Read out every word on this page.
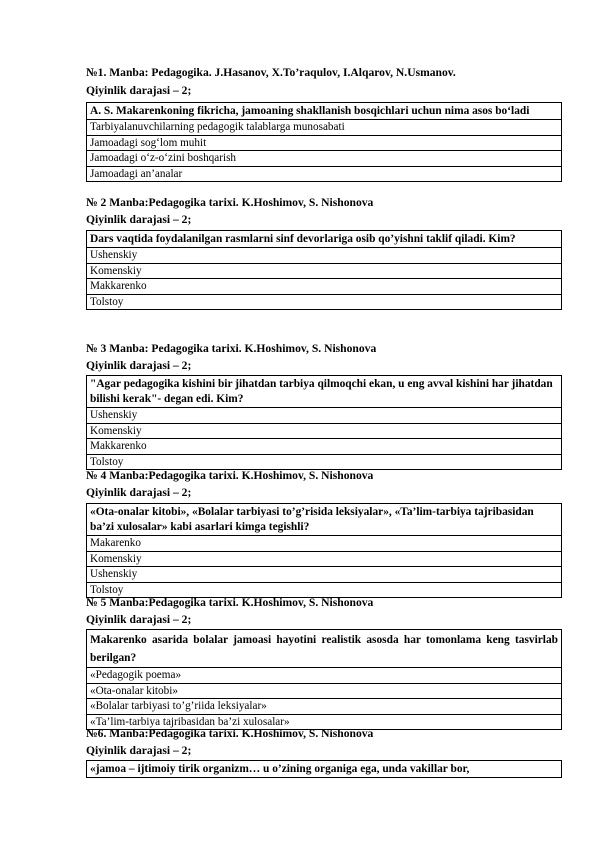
№1. Manba: Pedagogika. J.Hasanov, X.To’raqulov, I.Alqarov, N.Usmanov.
Qiyinlik darajasi – 2;
A. S. Makarenkoning fikricha, jamoaning shakllanish bosqichlari uchun nima asos bo‘ladi
Tarbiyalanuvchilarning pedagogik talablarga munosabati
Jamoadagi sog‘lom muhit
Jamoadagi o‘z-o‘zini boshqarish
Jamoadagi an’analar
№ 2 Manba:Pedagogika tarixi. K.Hoshimov, S. Nishonova
Qiyinlik darajasi – 2;
Dars vaqtida foydalanilgan rasmlarni sinf devorlariga osib qo’yishni taklif qiladi. Kim?
Ushenskiy
Komenskiy
Makkarenko
Tolstoy
№ 3 Manba: Pedagogika tarixi. K.Hoshimov, S. Nishonova
Qiyinlik darajasi – 2;
"Agar pedagogika kishini bir jihatdan tarbiya qilmoqchi ekan, u eng avval kishini har jihatdan bilishi kerak"- degan edi. Kim?
Ushenskiy
Komenskiy
Makkarenko
Tolstoy
№ 4 Manba:Pedagogika tarixi. K.Hoshimov, S. Nishonova
Qiyinlik darajasi – 2;
«Ota-onalar kitobi», «Bolalar tarbiyasi to’g’risida leksiyalar», «Ta’lim-tarbiya tajribasidan ba’zi xulosalar» kabi asarlari kimga tegishli?
Makarenko
Komenskiy
Ushenskiy
Tolstoy
№ 5 Manba:Pedagogika tarixi. K.Hoshimov, S. Nishonova
Qiyinlik darajasi – 2;
Makarenko asarida bolalar jamoasi hayotini realistik asosda har tomonlama keng tasvirlab berilgan?
«Pedagogik poema»
«Ota-onalar kitobi»
«Bolalar tarbiyasi to’g’riida leksiyalar»
«Ta’lim-tarbiya tajribasidan ba’zi xulosalar»
№6. Manba:Pedagogika tarixi. K.Hoshimov, S. Nishonova
Qiyinlik darajasi – 2;
«jamoa – ijtimoiy tirik organizm… u o’zining organiga ega, unda vakillar bor,
